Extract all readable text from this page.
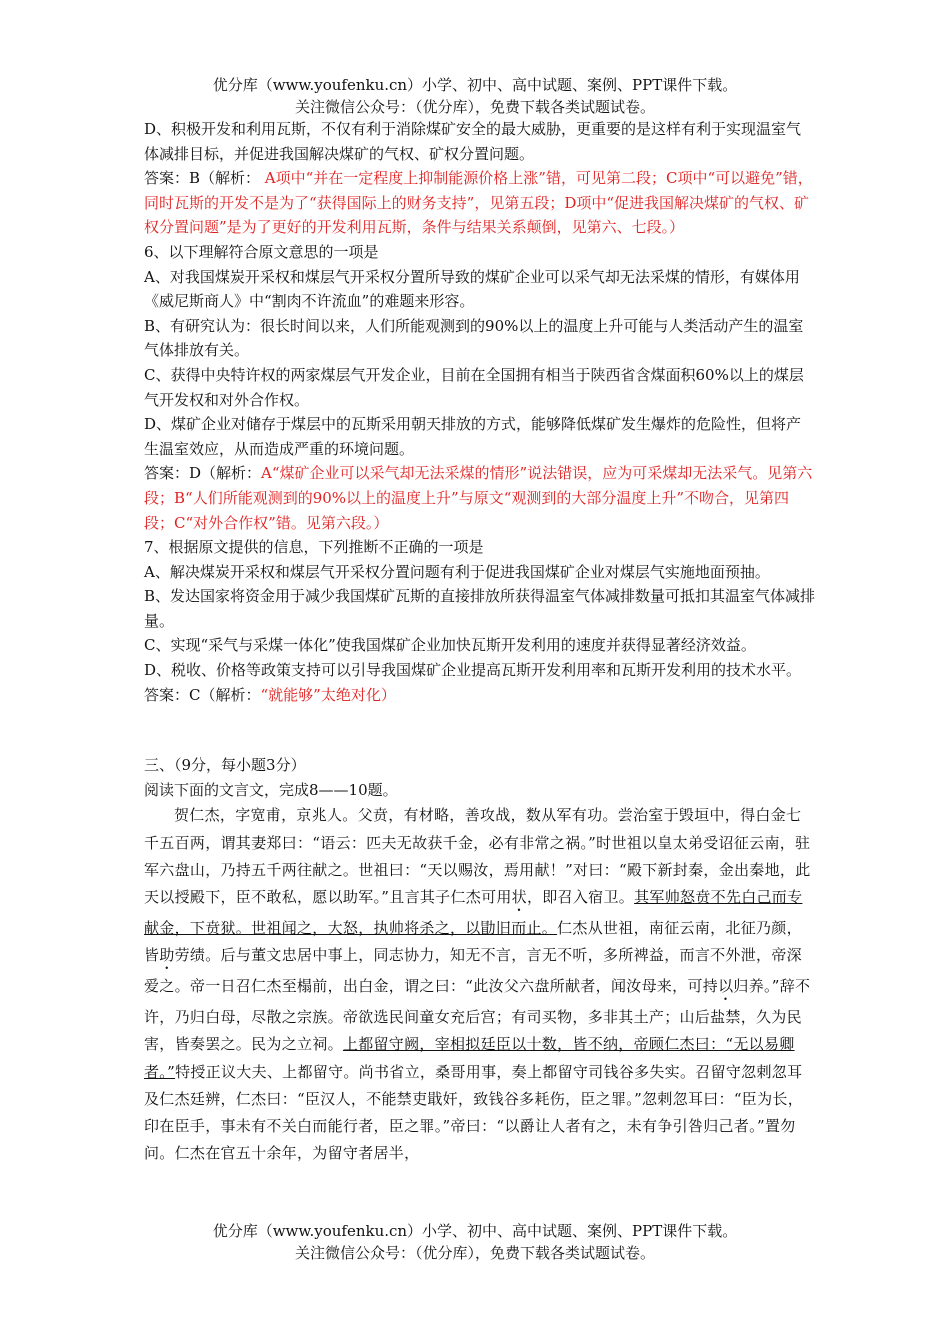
优分库（www.youfenku.cn）小学、初中、高中试题、案例、PPT课件下载。
关注微信公众号：（优分库），免费下载各类试题试卷。

D、积极开发和利用瓦斯，不仅有利于消除煤矿安全的最大威胁，更重要的是这样有利于实现温室气体减排目标，并促进我国解决煤矿的气权、矿权分置问题。

答案：B（解析： A项中“并在一定程度上抑制能源价格上涨”错，可见第二段；C项中“可以避免”错，同时瓦斯的开发不是为了“获得国际上的财务支持”，见第五段；D项中“促进我国解决煤矿的气权、矿权分置问题”是为了更好的开发利用瓦斯，条件与结果关系颠倒，见第六、七段。）

6、以下理解符合原文意思的一项是

A、对我国煤炭开采权和煤层气开采权分置所导致的煤矿企业可以采气却无法采煤的情形，有媒体用《威尼斯商人》中“割肉不许流血”的难题来形容。

B、有研究认为：很长时间以来，人们所能观测到的90%以上的温度上升可能与人类活动产生的温室气体排放有关。

C、获得中央特许权的两家煤层气开发企业，目前在全国拥有相当于陕西省含煤面积60%以上的煤层气开发权和对外合作权。

D、煤矿企业对储存于煤层中的瓦斯采用朝天排放的方式，能够降低煤矿发生爆炸的危险性，但将产生温室效应，从而造成严重的环境问题。

答案：D（解析：A“煤矿企业可以采气却无法采煤的情形”说法错误，应为可采煤却无法采气。见第六段；B“人们所能观测到的90%以上的温度上升”与原文“观测到的大部分温度上升”不吻合，见第四段；C“对外合作权”错。见第六段。）

7、根据原文提供的信息，下列推断不正确的一项是

A、解决煤炭开采权和煤层气开采权分置问题有利于促进我国煤矿企业对煤层气实施地面预抽。

B、发达国家将资金用于减少我国煤矿瓦斯的直接排放所获得温室气体减排数量可抵扣其温室气体减排量。

C、实现“采气与采煤一体化”使我国煤矿企业加快瓦斯开发利用的速度并获得显著经济效益。

D、税收、价格等政策支持可以引导我国煤矿企业提高瓦斯开发利用率和瓦斯开发利用的技术水平。

答案：C（解析：“就能够”太绝对化）

三、（9分，每小题3分）

阅读下面的文言文，完成8——10题。

贺仁杰，字宽甫，京兆人。父贲，有材略，善攻战，数从军有功。尝治室于毁垣中，得白金七千五百两，谓其妻郑曰：“语云：匹夫无故获千金，必有非常之祸。”时世祖以皇太弟受诏征云南，驻军六盘山，乃持五千两往献之。世祖曰：“天以赐汝，焉用献！”对曰：“殿下新封秦，金出秦地，此天以授殿下，臣不敢私，愿以助军。”且言其子仁杰可用状，即召入宿卫。其军帅怒贲不先白己而专献金，下贲狱。世祖闻之，大怒，执帅将杀之，以勖旧而止。仁杰从世祖，南征云南，北征乃颜，皆助劳绩。后与董文忠居中事上，同志协力，知无不言，言无不听，多所裨益，而言不外泄，帝深爱之。帝一日召仁杰至榻前，出白金，谓之曰：“此汝父六盘所献者，闻汝母来，可持以归养。”辞不许，乃归白母，尽散之宗族。帝欲选民间童女充后宫；有司买物，多非其土产；山后盐禁，久为民害，皆奏罢之。民为之立祠。上都留守阙，宰相拟廷臣以十数，皆不纳，帝顾仁杰曰：“无以易卿者。”特授正议大夫、上都留守。尚书省立，桑哥用事，奏上都留守司钱谷多失实。召留守忽剌忽耳及仁杰廷辨，仁杰曰：“臣汉人，不能禁吏戢奸，致钱谷多耗伤，臣之罪。”忽剌忽耳曰：“臣为长，印在臣手，事未有不关白而能行者，臣之罪。”帝曰：“以爵让人者有之，未有争引咎归己者。”置勿问。仁杰在官五十余年，为留守者居半，

优分库（www.youfenku.cn）小学、初中、高中试题、案例、PPT课件下载。
关注微信公众号：（优分库），免费下载各类试题试卷。
